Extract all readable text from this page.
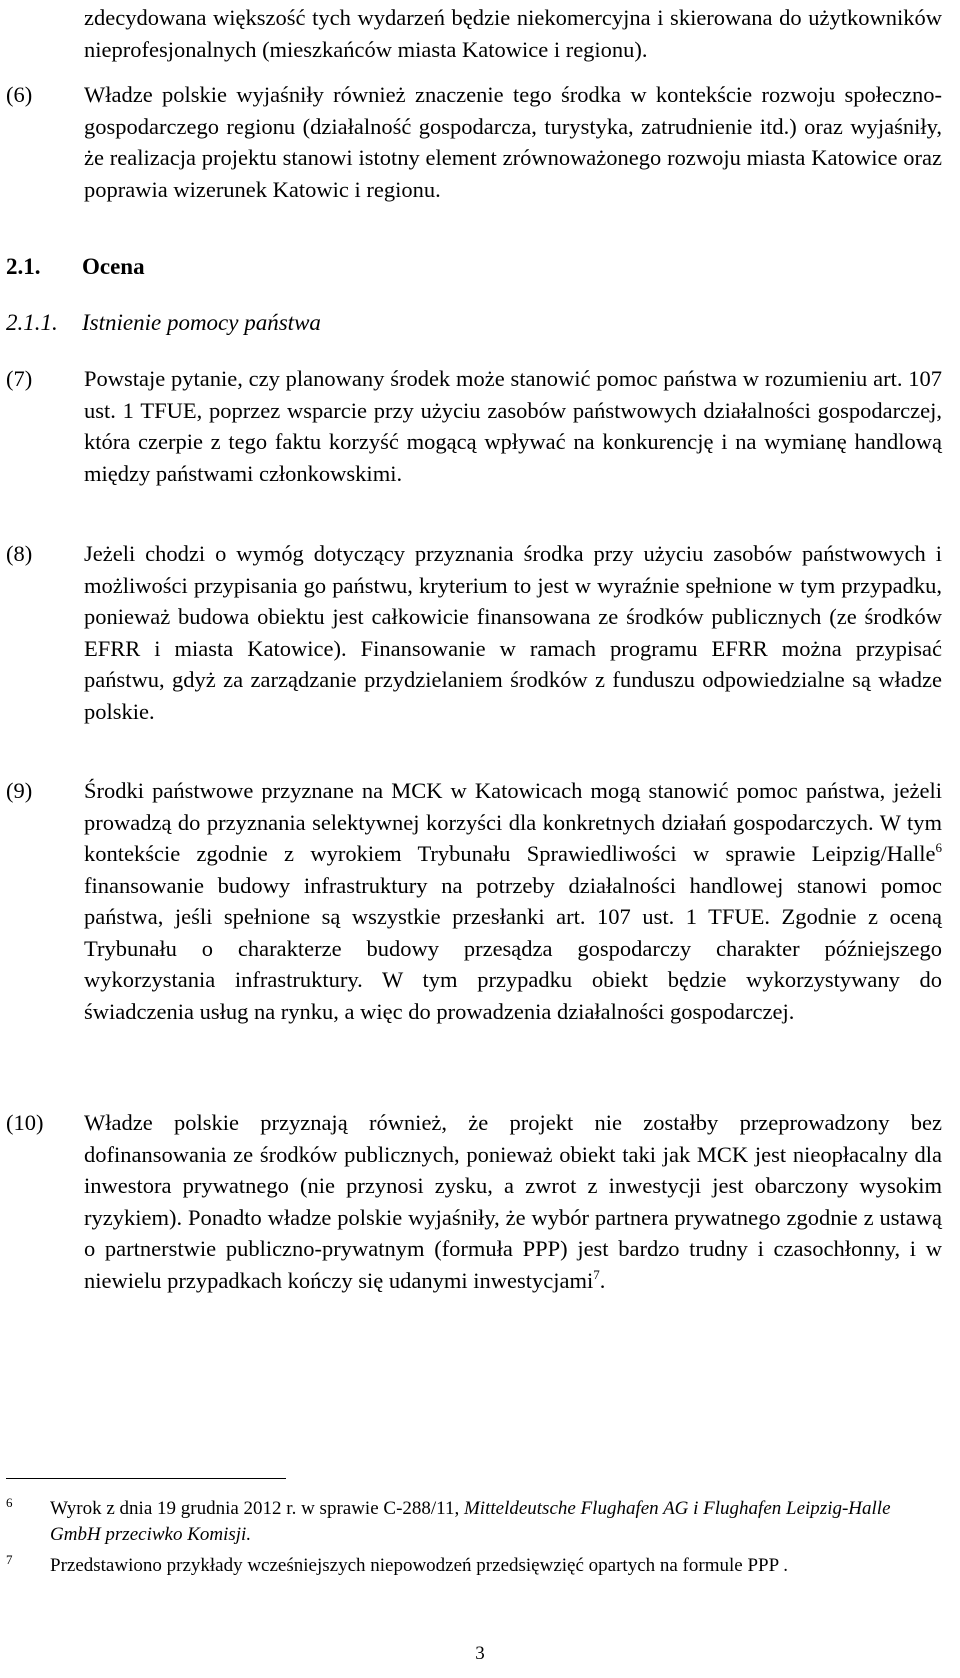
zdecydowana większość tych wydarzeń będzie niekomercyjna i skierowana do użytkowników nieprofesjonalnych (mieszkańców miasta Katowice i regionu).
(6) Władze polskie wyjaśniły również znaczenie tego środka w kontekście rozwoju społeczno-gospodarczego regionu (działalność gospodarcza, turystyka, zatrudnienie itd.) oraz wyjaśniły, że realizacja projektu stanowi istotny element zrównoważonego rozwoju miasta Katowice oraz poprawia wizerunek Katowic i regionu.
2.1. Ocena
2.1.1. Istnienie pomocy państwa
(7) Powstaje pytanie, czy planowany środek może stanowić pomoc państwa w rozumieniu art. 107 ust. 1 TFUE, poprzez wsparcie przy użyciu zasobów państwowych działalności gospodarczej, która czerpie z tego faktu korzyść mogącą wpływać na konkurencję i na wymianę handlową między państwami członkowskimi.
(8) Jeżeli chodzi o wymóg dotyczący przyznania środka przy użyciu zasobów państwowych i możliwości przypisania go państwu, kryterium to jest w wyraźnie spełnione w tym przypadku, ponieważ budowa obiektu jest całkowicie finansowana ze środków publicznych (ze środków EFRR i miasta Katowice). Finansowanie w ramach programu EFRR można przypisać państwu, gdyż za zarządzanie przydzielaniem środków z funduszu odpowiedzialne są władze polskie.
(9) Środki państwowe przyznane na MCK w Katowicach mogą stanowić pomoc państwa, jeżeli prowadzą do przyznania selektywnej korzyści dla konkretnych działań gospodarczych. W tym kontekście zgodnie z wyrokiem Trybunału Sprawiedliwości w sprawie Leipzig/Halle$^6$ finansowanie budowy infrastruktury na potrzeby działalności handlowej stanowi pomoc państwa, jeśli spełnione są wszystkie przesłanki art. 107 ust. 1 TFUE. Zgodnie z oceną Trybunału o charakterze budowy przesądza gospodarczy charakter późniejszego wykorzystania infrastruktury. W tym przypadku obiekt będzie wykorzystywany do świadczenia usług na rynku, a więc do prowadzenia działalności gospodarczej.
(10) Władze polskie przyznają również, że projekt nie zostałby przeprowadzony bez dofinansowania ze środków publicznych, ponieważ obiekt taki jak MCK jest nieopłacalny dla inwestora prywatnego (nie przynosi zysku, a zwrot z inwestycji jest obarczony wysokim ryzykiem). Ponadto władze polskie wyjaśniły, że wybór partnera prywatnego zgodnie z ustawą o partnerstwie publiczno-prywatnym (formuła PPP) jest bardzo trudny i czasochłonny, i w niewielu przypadkach kończy się udanymi inwestycjami$^7$.
6 Wyrok z dnia 19 grudnia 2012 r. w sprawie C-288/11, Mitteldeutsche Flughafen AG i Flughafen Leipzig-Halle GmbH przeciwko Komisji.
7 Przedstawiono przykłady wcześniejszych niepowodzeń przedsięwzięć opartych na formule PPP .
3
